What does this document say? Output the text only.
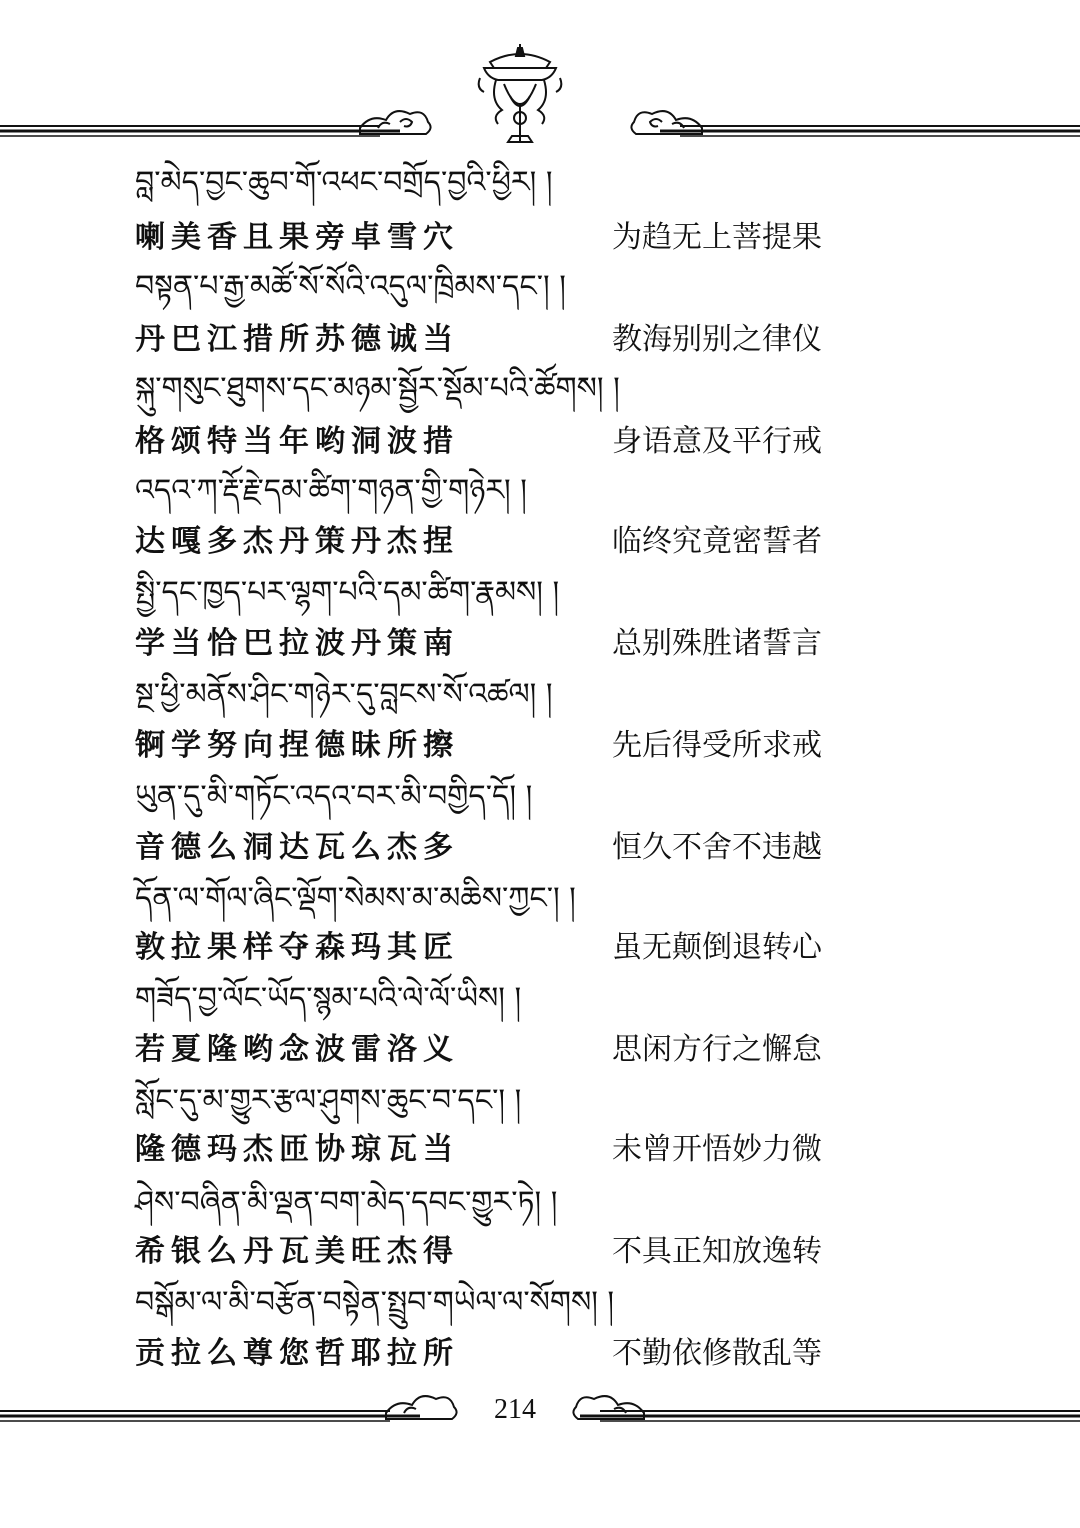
བླ་མེད་བྱང་ཆུབ་གོ་འཕང་བགྲོད་བྱའི་ཕྱིར། །
喇美香且果旁卓雪穴	为趋无上菩提果
བསྟན་པ་རྒྱ་མཚོ་སོ་སོའི་འདུལ་ཁྲིམས་དང་། །
丹巴江措所苏德诚当	教海别别之律仪
སྐུ་གསུང་ཐུགས་དང་མཉམ་སྦྱོར་སྡོམ་པའི་ཚོགས། །
格颂特当年哟洞波措	身语意及平行戒
འདའ་ཀ་རྡོ་རྗེ་དམ་ཚིག་གཉན་གྱི་གཉེར། །
达嘎多杰丹策丹杰捏	临终究竟密誓者
སྤྱི་དང་ཁྱད་པར་ལྷག་པའི་དམ་ཚིག་རྣམས། །
学当恰巴拉波丹策南	总别殊胜诸誓言
སྔ་ཕྱི་མནོས་ཤིང་གཉེར་དུ་བླངས་སོ་འཚལ། །
锕学努向捏德昧所擦	先后得受所求戒
ཡུན་དུ་མི་གཏོང་འདའ་བར་མི་བགྱིད་དོ། །
音德么洞达瓦么杰多	恒久不舍不违越
དོན་ལ་གོལ་ཞིང་ལྡོག་སེམས་མ་མཆིས་ཀྱང་། །
敦拉果样夺森玛其匠	虽无颠倒退转心
གཟོད་བྱ་ལོང་ཡོད་སྙམ་པའི་ལེ་ལོ་ཡིས། །
若夏隆哟念波雷洛义	思闲方行之懈怠
སློང་དུ་མ་གྱུར་རྩལ་ཤུགས་ཆུང་བ་དང་། །
隆德玛杰匝协琼瓦当	未曾开悟妙力微
ཤེས་བཞིན་མི་ལྡན་བག་མེད་དབང་གྱུར་ཏེ། །
希银么丹瓦美旺杰得	不具正知放逸转
བསྒོམ་ལ་མི་བརྩོན་བསྟེན་སྤྲུབ་གཡེལ་ལ་སོགས། །
贡拉么尊您哲耶拉所	不勤依修散乱等
214
